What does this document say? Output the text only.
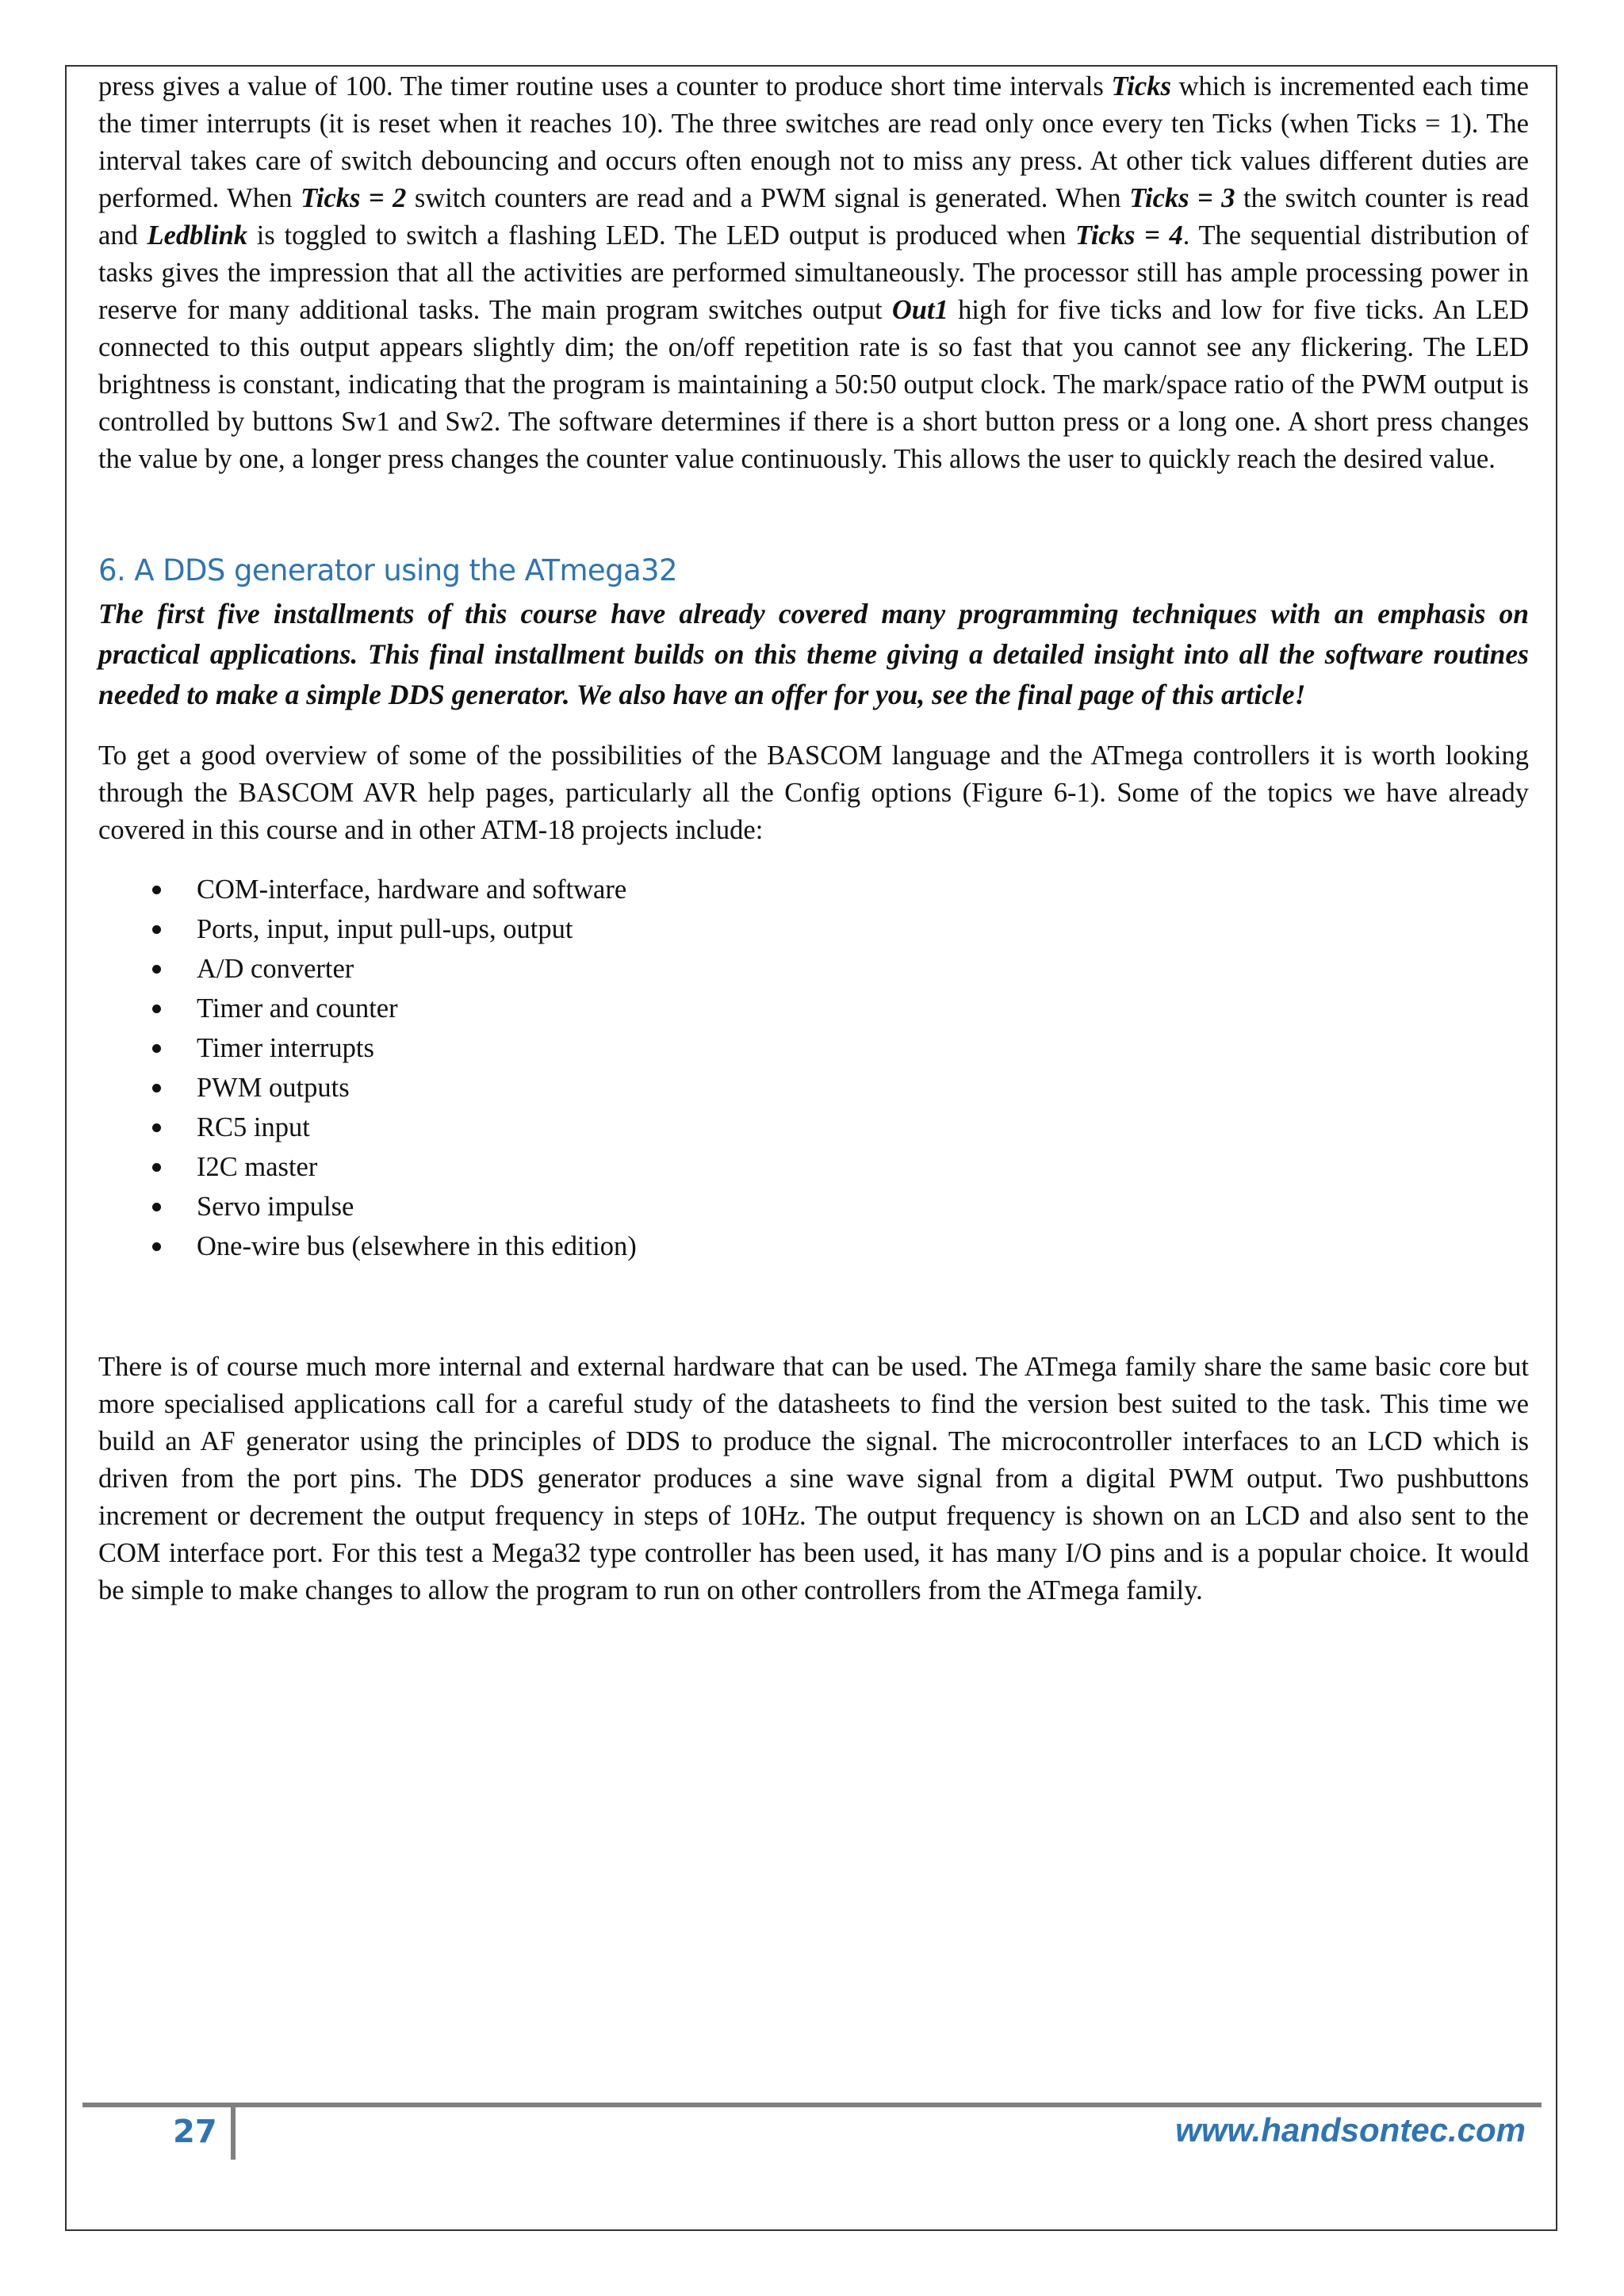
press gives a value of 100. The timer routine uses a counter to produce short time intervals Ticks which is incremented each time the timer interrupts (it is reset when it reaches 10). The three switches are read only once every ten Ticks (when Ticks = 1). The interval takes care of switch debouncing and occurs often enough not to miss any press. At other tick values different duties are performed. When Ticks = 2 switch counters are read and a PWM signal is generated. When Ticks = 3 the switch counter is read and Ledblink is toggled to switch a flashing LED. The LED output is produced when Ticks = 4. The sequential distribution of tasks gives the impression that all the activities are performed simultaneously. The processor still has ample processing power in reserve for many additional tasks. The main program switches output Out1 high for five ticks and low for five ticks. An LED connected to this output appears slightly dim; the on/off repetition rate is so fast that you cannot see any flickering. The LED brightness is constant, indicating that the program is maintaining a 50:50 output clock. The mark/space ratio of the PWM output is controlled by buttons Sw1 and Sw2. The software determines if there is a short button press or a long one. A short press changes the value by one, a longer press changes the counter value continuously. This allows the user to quickly reach the desired value.

6. A DDS generator using the ATmega32

The first five installments of this course have already covered many programming techniques with an emphasis on practical applications. This final installment builds on this theme giving a detailed insight into all the software routines needed to make a simple DDS generator. We also have an offer for you, see the final page of this article!

To get a good overview of some of the possibilities of the BASCOM language and the ATmega controllers it is worth looking through the BASCOM AVR help pages, particularly all the Config options (Figure 6-1). Some of the topics we have already covered in this course and in other ATM-18 projects include:

COM-interface, hardware and software
Ports, input, input pull-ups, output
A/D converter
Timer and counter
Timer interrupts
PWM outputs
RC5 input
I2C master
Servo impulse
One-wire bus (elsewhere in this edition)

There is of course much more internal and external hardware that can be used. The ATmega family share the same basic core but more specialised applications call for a careful study of the datasheets to find the version best suited to the task. This time we build an AF generator using the principles of DDS to produce the signal. The microcontroller interfaces to an LCD which is driven from the port pins. The DDS generator produces a sine wave signal from a digital PWM output. Two pushbuttons increment or decrement the output frequency in steps of 10Hz. The output frequency is shown on an LCD and also sent to the COM interface port. For this test a Mega32 type controller has been used, it has many I/O pins and is a popular choice. It would be simple to make changes to allow the program to run on other controllers from the ATmega family.

27	www.handsontec.com
